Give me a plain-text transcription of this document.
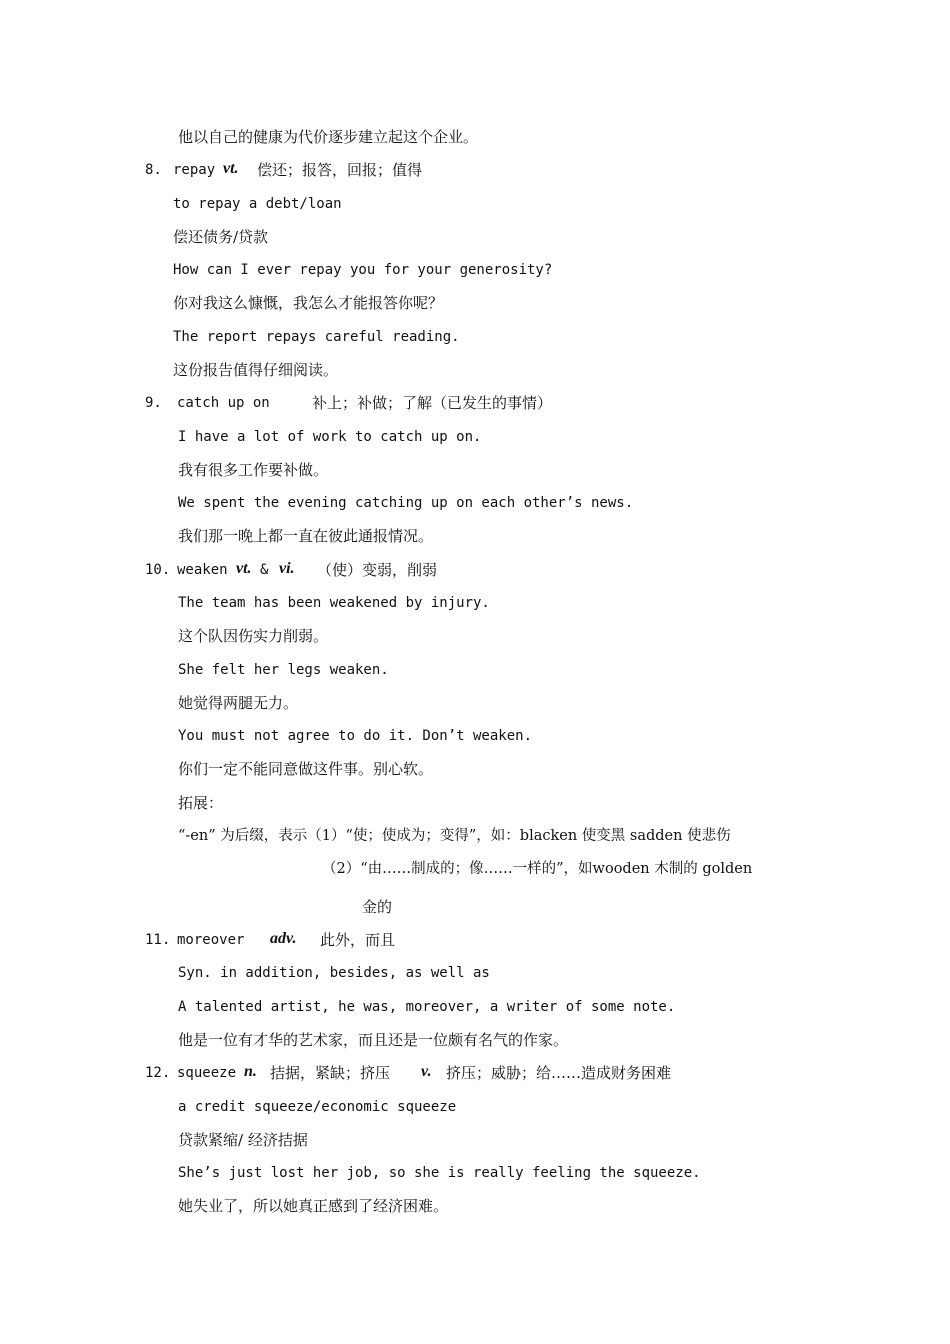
他以自己的健康为代价逐步建立起这个企业。
8. repay vt. 偿还；报答，回报；值得
to repay a debt/loan
偿还债务/贷款
How can I ever repay you for your generosity?
你对我这么慷慨，我怎么才能报答你呢？
The report repays careful reading.
这份报告值得仔细阅读。
9. catch up on	补上；补做；了解（已发生的事情）
I have a lot of work to catch up on.
我有很多工作要补做。
We spent the evening catching up on each other’s news.
我们那一晚上都一直在彼此通报情况。
10. weaken vt. & vi. （使）变弱，削弱
The team has been weakened by injury.
这个队因伤实力削弱。
She felt her legs weaken.
她觉得两腿无力。
You must not agree to do it. Don’t weaken.
你们一定不能同意做这件事。别心软。
拓展：
“-en” 为后缀，表示（1）“使；使成为；变得”，如：blacken 使变黑 sadden 使悲伤
（2）“由……制成的；像……一样的”，如wooden 木制的 golden
金的
11. moreover adv. 此外，而且
Syn. in addition, besides, as well as
A talented artist, he was, moreover, a writer of some note.
他是一位有才华的艺术家，而且还是一位颇有名气的作家。
12. squeeze n. 拮据，紧缺；挤压 v. 挤压；威胁；给……造成财务困难
a credit squeeze/economic squeeze
贷款紧缩/ 经济拮据
She’s just lost her job, so she is really feeling the squeeze.
她失业了，所以她真正感到了经济困难。
